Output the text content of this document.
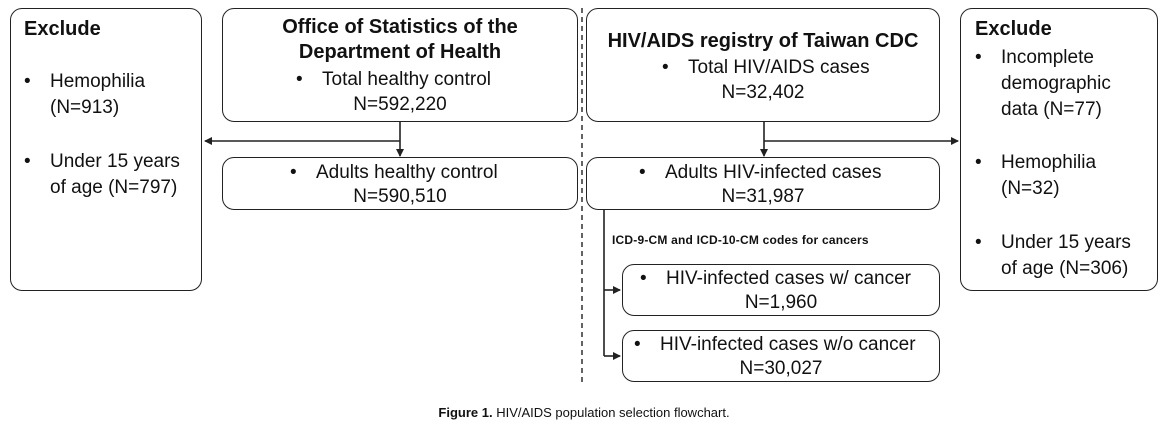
Exclude
• Hemophilia
(N=913)
• Under 15 years
of age (N=797)
Office of Statistics of the
Department of Health
• Total healthy control
N=592,220
• Adults healthy control
N=590,510
HIV/AIDS registry of Taiwan CDC
• Total HIV/AIDS cases
N=32,402
• Adults HIV-infected cases
N=31,987
ICD-9-CM and ICD-10-CM codes for cancers
• HIV-infected cases w/ cancer
N=1,960
• HIV-infected cases w/o cancer
N=30,027
Exclude
• Incomplete
demographic
data (N=77)
• Hemophilia
(N=32)
• Under 15 years
of age (N=306)
Figure 1. HIV/AIDS population selection flowchart.
